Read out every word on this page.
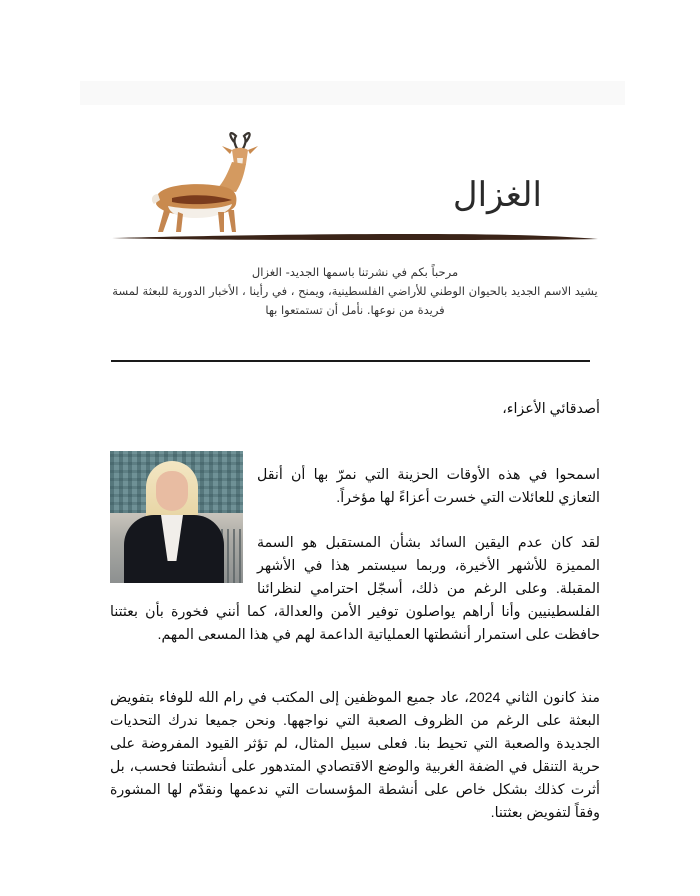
الغزال
مرحباً بكم في نشرتنا باسمها الجديد- الغزال
يشيد الاسم الجديد بالحيوان الوطني للأراضي الفلسطينية، ويمنح ، في رأينا ، الأخبار الدورية للبعثة لمسة
فريدة من نوعها. نأمل أن تستمتعوا بها

أصدقائي الأعزاء،

اسمحوا في هذه الأوقات الحزينة التي نمرّ بها أن أنقل التعازي للعائلات التي خسرت أعزاءً لها مؤخراً.

لقد كان عدم اليقين السائد بشأن المستقبل هو السمة المميزة للأشهر الأخيرة، وربما سيستمر هذا في الأشهر المقبلة. وعلى الرغم من ذلك، أسجّل احترامي لنظرائنا الفلسطينيين وأنا أراهم يواصلون توفير الأمن والعدالة، كما أنني فخورة بأن بعثتنا حافظت على استمرار أنشطتها العملياتية الداعمة لهم في هذا المسعى المهم.

منذ كانون الثاني 2024، عاد جميع الموظفين إلى المكتب في رام الله للوفاء بتفويض البعثة على الرغم من الظروف الصعبة التي نواجهها. ونحن جميعا ندرك التحديات الجديدة والصعبة التي تحيط بنا. فعلى سبيل المثال، لم تؤثر القيود المفروضة على حرية التنقل في الضفة الغربية والوضع الاقتصادي المتدهور على أنشطتنا فحسب، بل أثرت كذلك بشكل خاص على أنشطة المؤسسات التي ندعمها ونقدّم لها المشورة وفقاً لتفويض بعثتنا.
